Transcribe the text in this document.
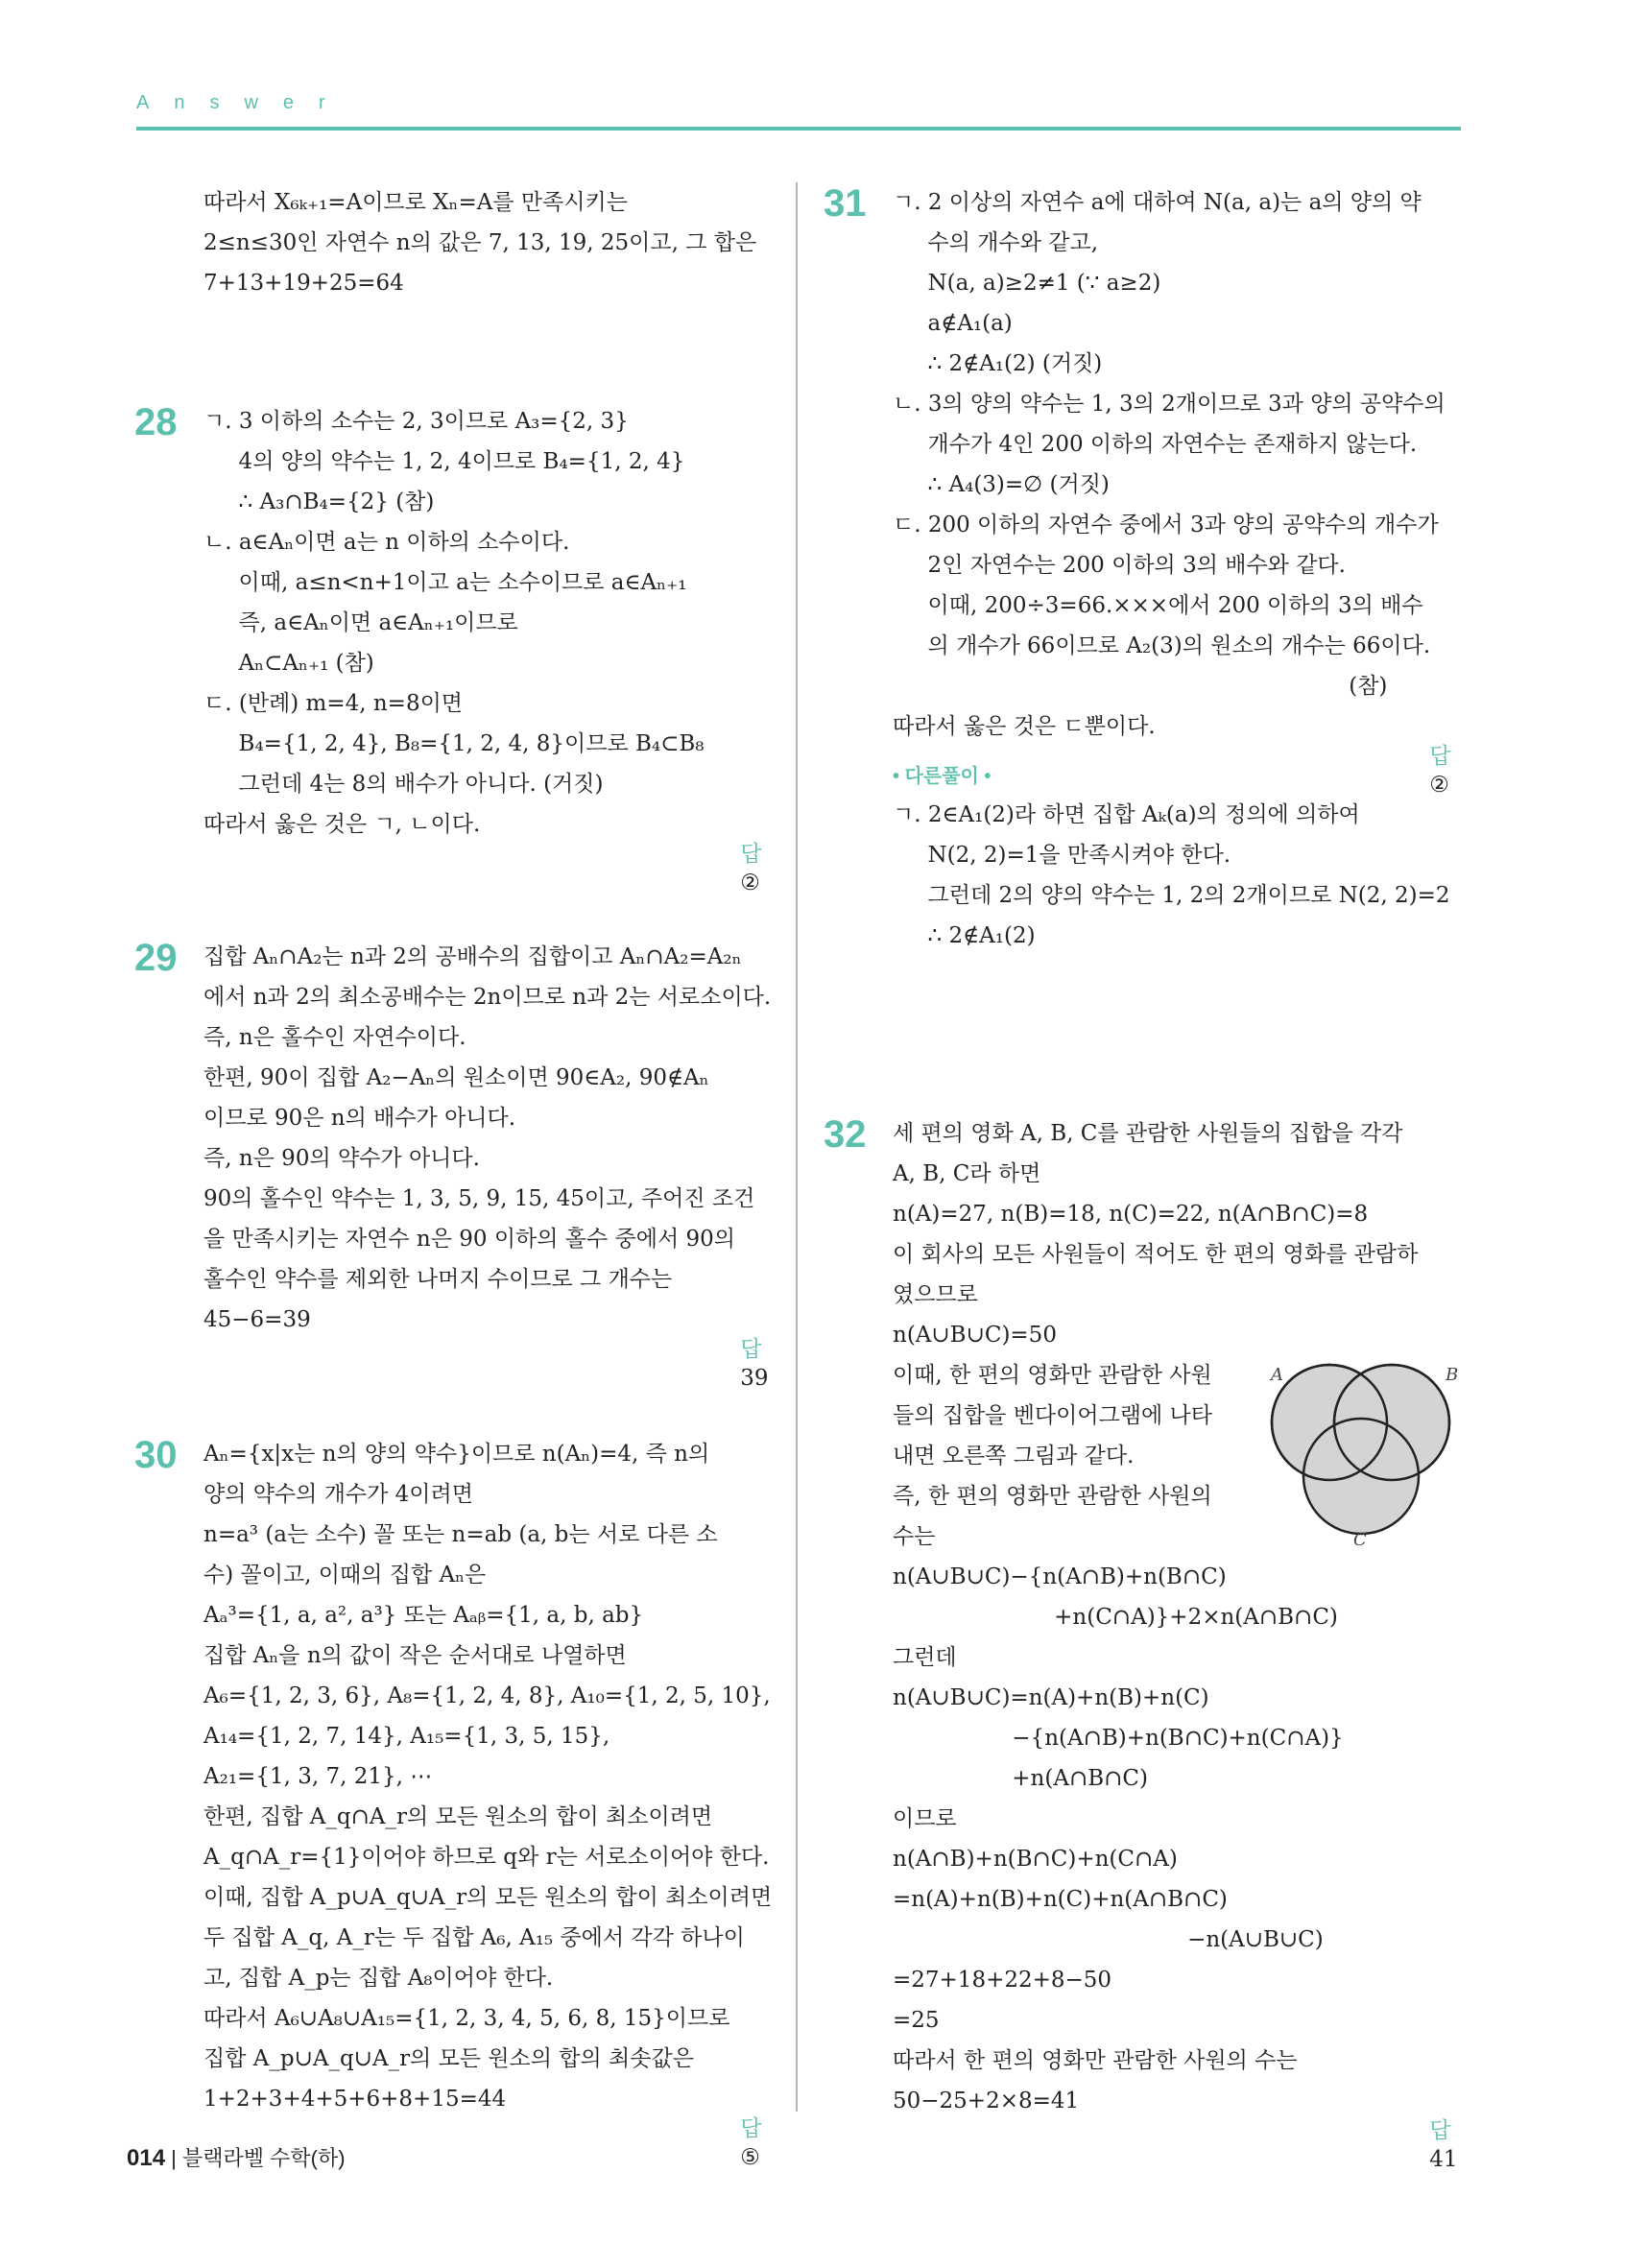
Answer
따라서 X₆ₖ₊₁=A이므로 Xₙ=A를 만족시키는
2≤n≤30인 자연수 n의 값은 7, 13, 19, 25이고, 그 합은
7+13+19+25=64
28 ㄱ. 3 이하의 소수는 2, 3이므로 A₃={2, 3}
4의 양의 약수는 1, 2, 4이므로 B₄={1, 2, 4}
∴ A₃∩B₄={2} (참)
ㄴ. a∈Aₙ이면 a는 n 이하의 소수이다.
이때, a≤n<n+1이고 a는 소수이므로 a∈Aₙ₊₁
즉, a∈Aₙ이면 a∈Aₙ₊₁이므로
Aₙ⊂Aₙ₊₁ (참)
ㄷ. (반례) m=4, n=8이면
B₄={1, 2, 4}, B₈={1, 2, 4, 8}이므로 B₄⊂B₈
그런데 4는 8의 배수가 아니다. (거짓)
따라서 옳은 것은 ㄱ, ㄴ이다.

답
②

29 집합 Aₙ∩A₂는 n과 2의 공배수의 집합이고 Aₙ∩A₂=A₂ₙ
에서 n과 2의 최소공배수는 2n이므로 n과 2는 서로소이다.
즉, n은 홀수인 자연수이다.
한편, 90이 집합 A₂−Aₙ의 원소이면 90∈A₂, 90∉Aₙ
이므로 90은 n의 배수가 아니다.
즉, n은 90의 약수가 아니다.
90의 홀수인 약수는 1, 3, 5, 9, 15, 45이고, 주어진 조건
을 만족시키는 자연수 n은 90 이하의 홀수 중에서 90의
홀수인 약수를 제외한 나머지 수이므로 그 개수는
45−6=39

답
39

30 Aₙ={x|x는 n의 양의 약수}이므로 n(Aₙ)=4, 즉 n의
양의 약수의 개수가 4이려면
n=a³ (a는 소수) 꼴 또는 n=ab (a, b는 서로 다른 소
수) 꼴이고, 이때의 집합 Aₙ은
Aₐ³={1, a, a², a³} 또는 Aₐᵦ={1, a, b, ab}
집합 Aₙ을 n의 값이 작은 순서대로 나열하면
A₆={1, 2, 3, 6}, A₈={1, 2, 4, 8}, A₁₀={1, 2, 5, 10},
A₁₄={1, 2, 7, 14}, A₁₅={1, 3, 5, 15},
A₂₁={1, 3, 7, 21}, ⋯
한편, 집합 A_q∩A_r의 모든 원소의 합이 최소이려면
A_q∩A_r={1}이어야 하므로 q와 r는 서로소이어야 한다.
이때, 집합 A_p∪A_q∪A_r의 모든 원소의 합이 최소이려면
두 집합 A_q, A_r는 두 집합 A₆, A₁₅ 중에서 각각 하나이
고, 집합 A_p는 집합 A₈이어야 한다.
따라서 A₆∪A₈∪A₁₅={1, 2, 3, 4, 5, 6, 8, 15}이므로
집합 A_p∪A_q∪A_r의 모든 원소의 합의 최솟값은
1+2+3+4+5+6+8+15=44

답
⑤

31 ㄱ. 2 이상의 자연수 a에 대하여 N(a, a)는 a의 양의 약
수의 개수와 같고,
N(a, a)≥2≠1 (∵ a≥2)
a∉A₁(a)
∴ 2∉A₁(2) (거짓)
ㄴ. 3의 양의 약수는 1, 3의 2개이므로 3과 양의 공약수의
개수가 4인 200 이하의 자연수는 존재하지 않는다.
∴ A₄(3)=∅ (거짓)
ㄷ. 200 이하의 자연수 중에서 3과 양의 공약수의 개수가
2인 자연수는 200 이하의 3의 배수와 같다.
이때, 200÷3=66.×××에서 200 이하의 3의 배수
의 개수가 66이므로 A₂(3)의 원소의 개수는 66이다.
(참)
따라서 옳은 것은 ㄷ뿐이다.

답
②

• 다른풀이 •
ㄱ. 2∈A₁(2)라 하면 집합 Aₖ(a)의 정의에 의하여
N(2, 2)=1을 만족시켜야 한다.
그런데 2의 양의 약수는 1, 2의 2개이므로 N(2, 2)=2
∴ 2∉A₁(2)
32 세 편의 영화 A, B, C를 관람한 사원들의 집합을 각각
A, B, C라 하면
n(A)=27, n(B)=18, n(C)=22, n(A∩B∩C)=8
이 회사의 모든 사원들이 적어도 한 편의 영화를 관람하
였으므로
n(A∪B∪C)=50
이때, 한 편의 영화만 관람한 사원
들의 집합을 벤다이어그램에 나타
내면 오른쪽 그림과 같다.
즉, 한 편의 영화만 관람한 사원의
수는
n(A∪B∪C)−{n(A∩B)+n(B∩C)
+n(C∩A)}+2×n(A∩B∩C)
그런데
n(A∪B∪C)=n(A)+n(B)+n(C)
−{n(A∩B)+n(B∩C)+n(C∩A)}
+n(A∩B∩C)
이므로
n(A∩B)+n(B∩C)+n(C∩A)
=n(A)+n(B)+n(C)+n(A∩B∩C)
−n(A∪B∪C)
=27+18+22+8−50
=25
따라서 한 편의 영화만 관람한 사원의 수는
50−25+2×8=41

답
41

A	B
C
014 | 블랙라벨 수학(하)
